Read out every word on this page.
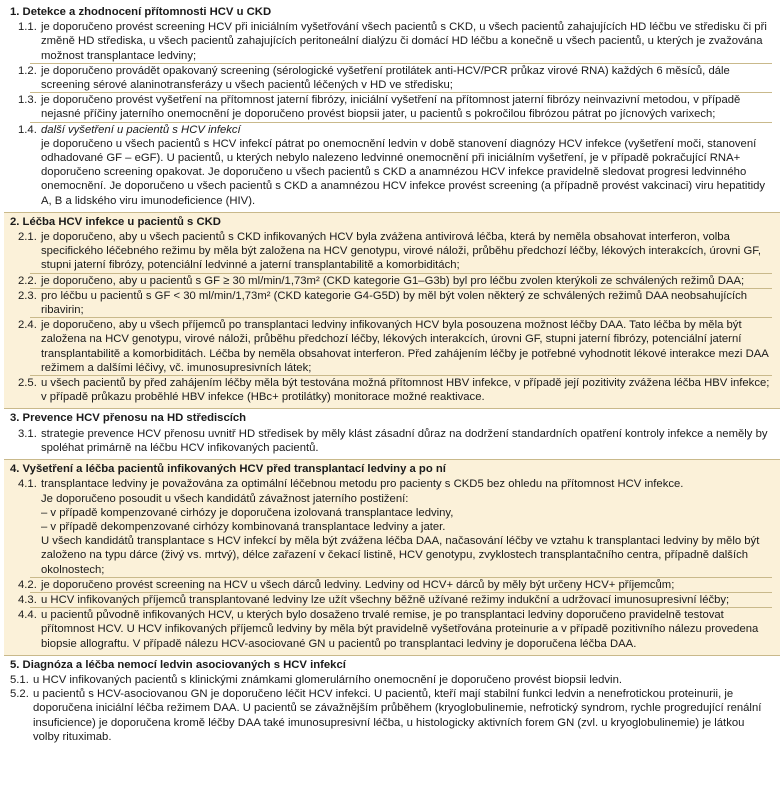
1. Detekce a zhodnocení přítomnosti HCV u CKD
1.1. je doporučeno provést screening HCV při iniciálním vyšetřování všech pacientů s CKD, u všech pacientů zahajujících HD léčbu ve středisku či při změně HD střediska, u všech pacientů zahajujících peritoneální dialýzu či domácí HD léčbu a konečně u všech pacientů, u kterých je zvažována možnost transplantace ledviny;
1.2. je doporučeno provádět opakovaný screening (sérologické vyšetření protilátek anti-HCV/PCR průkaz virové RNA) každých 6 měsíců, dále screening sérové alaninotransferázy u všech pacientů léčených v HD ve středisku;
1.3. je doporučeno provést vyšetření na přítomnost jaterní fibrózy, iniciální vyšetření na přítomnost jaterní fibrózy neinvazivní metodou, v případě nejasné příčiny jaterního onemocnění je doporučeno provést biopsii jater, u pacientů s pokročilou fibrózou pátrat po jícnových varixech;
1.4. další vyšetření u pacientů s HCV infekcí
je doporučeno u všech pacientů s HCV infekcí pátrat po onemocnění ledvin v době stanovení diagnózy HCV infekce (vyšetření moči, stanovení odhadované GF – eGF). U pacientů, u kterých nebylo nalezeno ledvinné onemocnění při iniciálním vyšetření, je v případě pokračující RNA+ doporučeno screening opakovat. Je doporučeno u všech pacientů s CKD a anamnézou HCV infekce pravidelně sledovat progresi ledvinného onemocnění. Je doporučeno u všech pacientů s CKD a anamnézou HCV infekce provést screening (a případně provést vakcinaci) viru hepatitidy A, B a lidského viru imunodeficience (HIV).
2. Léčba HCV infekce u pacientů s CKD
2.1. je doporučeno, aby u všech pacientů s CKD infikovaných HCV byla zvážena antivirová léčba, která by neměla obsahovat interferon, volba specifického léčebného režimu by měla být založena na HCV genotypu, virové náloži, průběhu předchozí léčby, lékových interakcích, úrovni GF, stupni jaterní fibrózy, potenciální ledvinné a jaterní transplantabilitě a komorbiditách;
2.2. je doporučeno, aby u pacientů s GF ≥ 30 ml/min/1,73m² (CKD kategorie G1–G3b) byl pro léčbu zvolen kterýkoli ze schválených režimů DAA;
2.3. pro léčbu u pacientů s GF < 30 ml/min/1,73m² (CKD kategorie G4-G5D) by měl být volen některý ze schválených režimů DAA neobsahujících ribavirin;
2.4. je doporučeno, aby u všech příjemců po transplantaci ledviny infikovaných HCV byla posouzena možnost léčby DAA. Tato léčba by měla být založena na HCV genotypu, virové náloži, průběhu předchozí léčby, lékových interakcích, úrovni GF, stupni jaterní fibrózy, potenciální jaterní transplantabilitě a komorbiditách. Léčba by neměla obsahovat interferon. Před zahájením léčby je potřebné vyhodnotit lékové interakce mezi DAA režimem a dalšími léčivy, vč. imunosupresivních látek;
2.5. u všech pacientů by před zahájením léčby měla být testována možná přítomnost HBV infekce, v případě její pozitivity zvážena léčba HBV infekce; v případě průkazu proběhlé HBV infekce (HBc+ protilátky) monitorace možné reaktivace.
3. Prevence HCV přenosu na HD střediscích
3.1. strategie prevence HCV přenosu uvnitř HD středisek by měly klást zásadní důraz na dodržení standardních opatření kontroly infekce a neměly by spoléhat primárně na léčbu HCV infikovaných pacientů.
4. Vyšetření a léčba pacientů infikovaných HCV před transplantací ledviny a po ní
4.1. transplantace ledviny je považována za optimální léčebnou metodu pro pacienty s CKD5 bez ohledu na přítomnost HCV infekce.
Je doporučeno posoudit u všech kandidátů závažnost jaterního postižení:
– v případě kompenzované cirhózy je doporučena izolovaná transplantace ledviny,
– v případě dekompenzované cirhózy kombinovaná transplantace ledviny a jater.
U všech kandidátů transplantace s HCV infekcí by měla být zvážena léčba DAA, načasování léčby ve vztahu k transplantaci ledviny by mělo být založeno na typu dárce (živý vs. mrtvý), délce zařazení v čekací listině, HCV genotypu, zvyklostech transplantačního centra, případně dalších okolnostech;
4.2. je doporučeno provést screening na HCV u všech dárců ledviny. Ledviny od HCV+ dárců by měly být určeny HCV+ příjemcům;
4.3. u HCV infikovaných příjemců transplantované ledviny lze užít všechny běžně užívané režimy indukční a udržovací imunosupresivní léčby;
4.4. u pacientů původně infikovaných HCV, u kterých bylo dosaženo trvalé remise, je po transplantaci ledviny doporučeno pravidelně testovat přítomnost HCV. U HCV infikovaných příjemců ledviny by měla být pravidelně vyšetřována proteinurie a v případě pozitivního nálezu provedena biopsie allograftu. V případě nálezu HCV-asociované GN u pacientů po transplantaci ledviny je doporučena léčba DAA.
5. Diagnóza a léčba nemocí ledvin asociovaných s HCV infekcí
5.1. u HCV infikovaných pacientů s klinickými známkami glomerulárního onemocnění je doporučeno provést biopsii ledvin.
5.2. u pacientů s HCV-asociovanou GN je doporučeno léčit HCV infekci. U pacientů, kteří mají stabilní funkci ledvin a nenefrotickou proteinurii, je doporučena iniciální léčba režimem DAA. U pacientů se závažnějším průběhem (kryoglobulinemie, nefrotický syndrom, rychle progredující renální insuficience) je doporučena kromě léčby DAA také imunosupresivní léčba, u histologicky aktivních forem GN (zvl. u kryoglobulinemie) je látkou volby rituximab.
